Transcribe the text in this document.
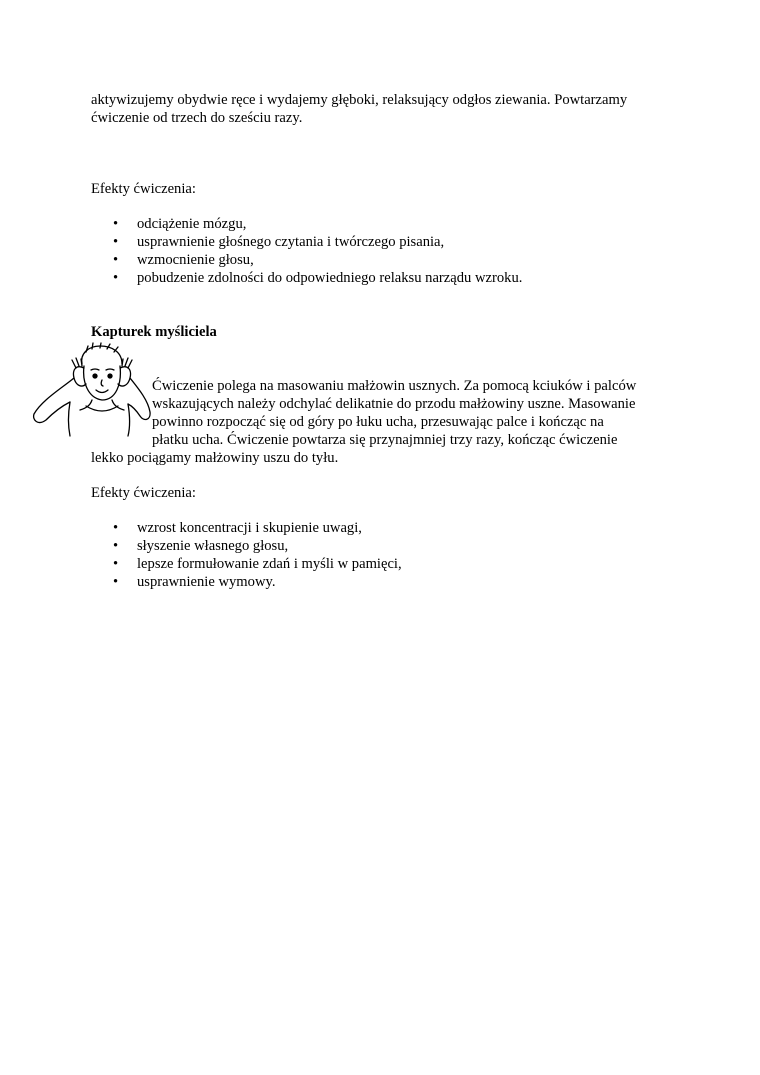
aktywizujemy obydwie ręce i wydajemy głęboki, relaksujący odgłos ziewania. Powtarzamy
ćwiczenie od trzech do sześciu razy.

Efekty ćwiczenia:

• odciążenie mózgu,
• usprawnienie głośnego czytania i twórczego pisania,
• wzmocnienie głosu,
• pobudzenie zdolności do odpowiedniego relaksu narządu wzroku.

Kapturek myśliciela

Ćwiczenie polega na masowaniu małżowin usznych. Za pomocą kciuków i palców
wskazujących należy odchylać delikatnie do przodu małżowiny uszne. Masowanie
powinno rozpocząć się od góry po łuku ucha, przesuwając palce i kończąc na
płatku ucha. Ćwiczenie powtarza się przynajmniej trzy razy, kończąc ćwiczenie
lekko pociągamy małżowiny uszu do tyłu.

Efekty ćwiczenia:

• wzrost koncentracji i skupienie uwagi,
• słyszenie własnego głosu,
• lepsze formułowanie zdań i myśli w pamięci,
• usprawnienie wymowy.
